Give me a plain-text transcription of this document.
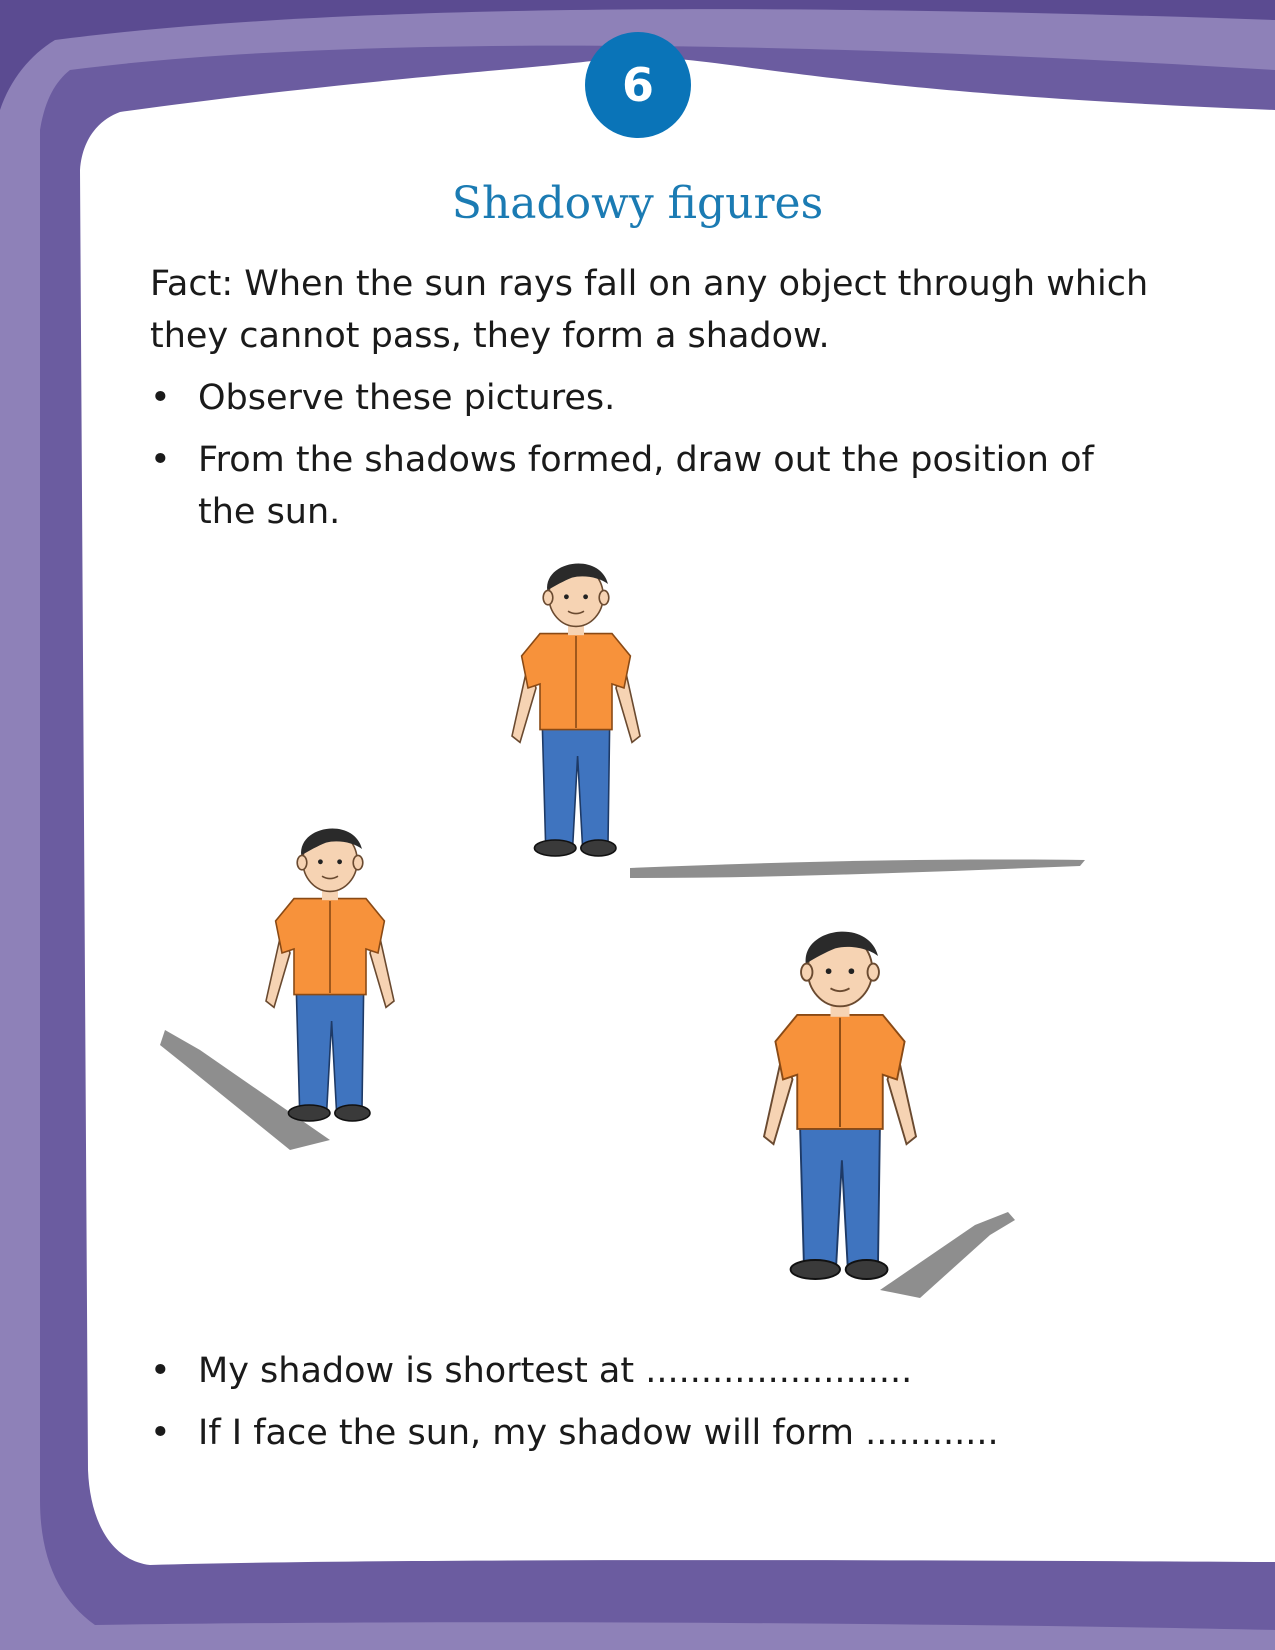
6
Shadowy figures
Fact: When the sun rays fall on any object through which they cannot pass, they form a shadow.
• Observe these pictures.
• From the shadows formed, draw out the position of the sun.
• My shadow is shortest at ........................
• If I face the sun, my shadow will form ............
